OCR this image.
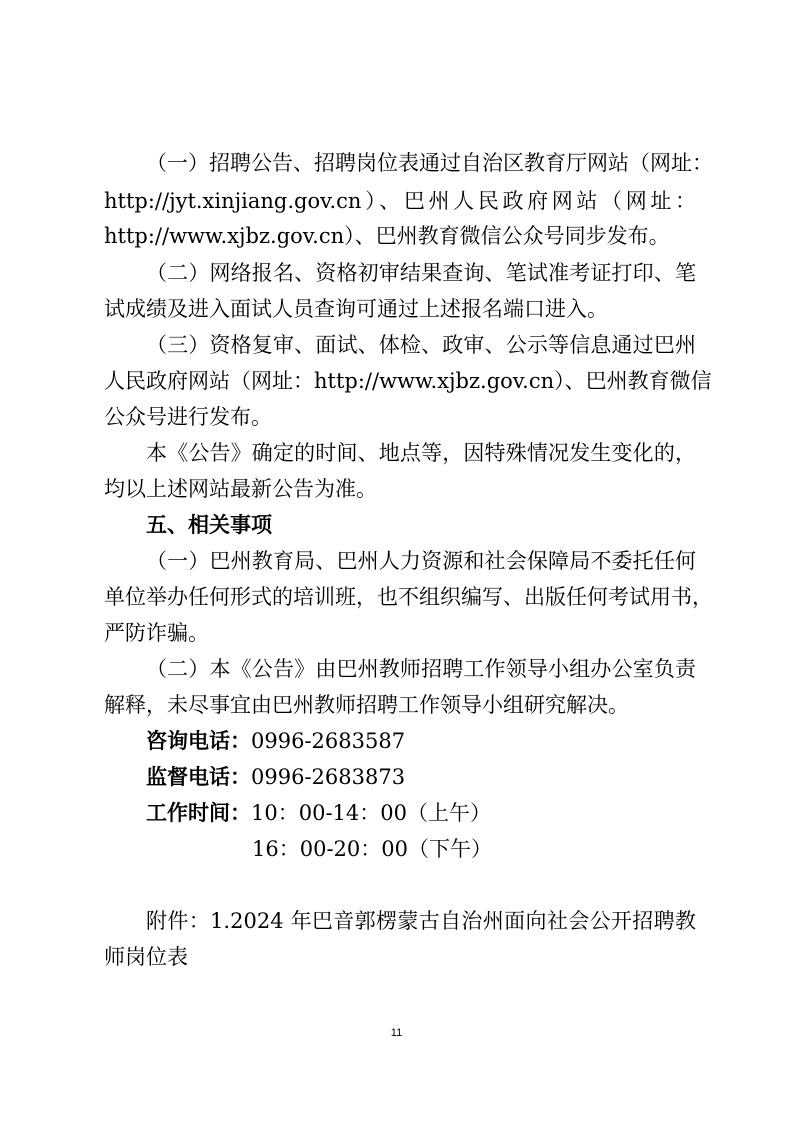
（一）招聘公告、招聘岗位表通过自治区教育厅网站（网址：
http://jyt.xinjiang.gov.cn）、巴州人民政府网站（网址：
http://www.xjbz.gov.cn）、巴州教育微信公众号同步发布。
（二）网络报名、资格初审结果查询、笔试准考证打印、笔
试成绩及进入面试人员查询可通过上述报名端口进入。
（三）资格复审、面试、体检、政审、公示等信息通过巴州
人民政府网站（网址：http://www.xjbz.gov.cn）、巴州教育微信
公众号进行发布。
本《公告》确定的时间、地点等，因特殊情况发生变化的，
均以上述网站最新公告为准。
五、相关事项
（一）巴州教育局、巴州人力资源和社会保障局不委托任何
单位举办任何形式的培训班，也不组织编写、出版任何考试用书，
严防诈骗。
（二）本《公告》由巴州教师招聘工作领导小组办公室负责
解释，未尽事宜由巴州教师招聘工作领导小组研究解决。
咨询电话：0996-2683587
监督电话：0996-2683873
工作时间：10：00-14：00（上午）
16：00-20：00（下午）
附件：1.2024 年巴音郭楞蒙古自治州面向社会公开招聘教
师岗位表
11
